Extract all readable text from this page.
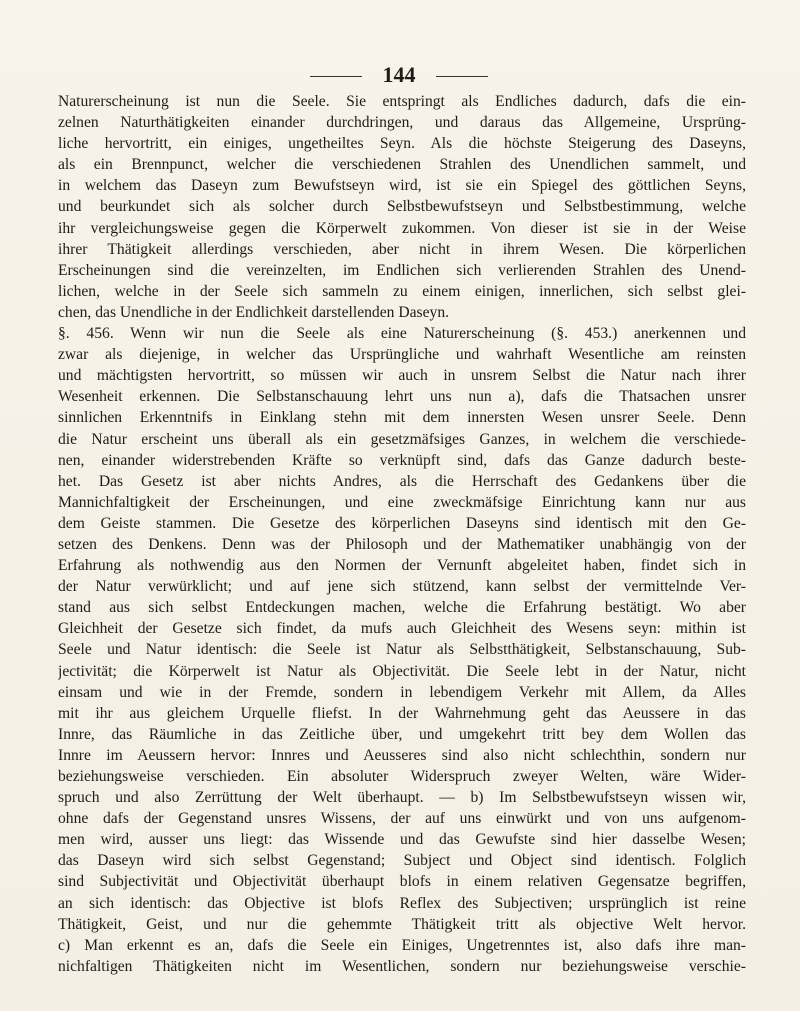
144
Naturerscheinung ist nun die Seele. Sie entspringt als Endliches dadurch, dafs die ein-
zelnen Naturthätigkeiten einander durchdringen, und daraus das Allgemeine, Ursprüng-
liche hervortritt, ein einiges, ungetheiltes Seyn. Als die höchste Steigerung des Daseyns,
als ein Brennpunct, welcher die verschiedenen Strahlen des Unendlichen sammelt, und
in welchem das Daseyn zum Bewufstseyn wird, ist sie ein Spiegel des göttlichen Seyns,
und beurkundet sich als solcher durch Selbstbewufstseyn und Selbstbestimmung, welche
ihr vergleichungsweise gegen die Körperwelt zukommen. Von dieser ist sie in der Weise
ihrer Thätigkeit allerdings verschieden, aber nicht in ihrem Wesen. Die körperlichen
Erscheinungen sind die vereinzelten, im Endlichen sich verlierenden Strahlen des Unend-
lichen, welche in der Seele sich sammeln zu einem einigen, innerlichen, sich selbst glei-
chen, das Unendliche in der Endlichkeit darstellenden Daseyn.
§. 456. Wenn wir nun die Seele als eine Naturerscheinung (§. 453.) anerkennen und
zwar als diejenige, in welcher das Ursprüngliche und wahrhaft Wesentliche am reinsten
und mächtigsten hervortritt, so müssen wir auch in unsrem Selbst die Natur nach ihrer
Wesenheit erkennen. Die Selbstanschauung lehrt uns nun a), dafs die Thatsachen unsrer
sinnlichen Erkenntnifs in Einklang stehn mit dem innersten Wesen unsrer Seele. Denn
die Natur erscheint uns überall als ein gesetzmäfsiges Ganzes, in welchem die verschiede-
nen, einander widerstrebenden Kräfte so verknüpft sind, dafs das Ganze dadurch beste-
het. Das Gesetz ist aber nichts Andres, als die Herrschaft des Gedankens über die
Mannichfaltigkeit der Erscheinungen, und eine zweckmäfsige Einrichtung kann nur aus
dem Geiste stammen. Die Gesetze des körperlichen Daseyns sind identisch mit den Ge-
setzen des Denkens. Denn was der Philosoph und der Mathematiker unabhängig von der
Erfahrung als nothwendig aus den Normen der Vernunft abgeleitet haben, findet sich in
der Natur verwürklicht; und auf jene sich stützend, kann selbst der vermittelnde Ver-
stand aus sich selbst Entdeckungen machen, welche die Erfahrung bestätigt. Wo aber
Gleichheit der Gesetze sich findet, da mufs auch Gleichheit des Wesens seyn: mithin ist
Seele und Natur identisch: die Seele ist Natur als Selbstthätigkeit, Selbstanschauung, Sub-
jectivität; die Körperwelt ist Natur als Objectivität. Die Seele lebt in der Natur, nicht
einsam und wie in der Fremde, sondern in lebendigem Verkehr mit Allem, da Alles
mit ihr aus gleichem Urquelle fliefst. In der Wahrnehmung geht das Aeussere in das
Innre, das Räumliche in das Zeitliche über, und umgekehrt tritt bey dem Wollen das
Innre im Aeussern hervor: Innres und Aeusseres sind also nicht schlechthin, sondern nur
beziehungsweise verschieden. Ein absoluter Widerspruch zweyer Welten, wäre Wider-
spruch und also Zerrüttung der Welt überhaupt. — b) Im Selbstbewufstseyn wissen wir,
ohne dafs der Gegenstand unsres Wissens, der auf uns einwürkt und von uns aufgenom-
men wird, ausser uns liegt: das Wissende und das Gewufste sind hier dasselbe Wesen;
das Daseyn wird sich selbst Gegenstand; Subject und Object sind identisch. Folglich
sind Subjectivität und Objectivität überhaupt blofs in einem relativen Gegensatze begriffen,
an sich identisch: das Objective ist blofs Reflex des Subjectiven; ursprünglich ist reine
Thätigkeit, Geist, und nur die gehemmte Thätigkeit tritt als objective Welt hervor.
c) Man erkennt es an, dafs die Seele ein Einiges, Ungetrenntes ist, also dafs ihre man-
nichfaltigen Thätigkeiten nicht im Wesentlichen, sondern nur beziehungsweise verschie-
